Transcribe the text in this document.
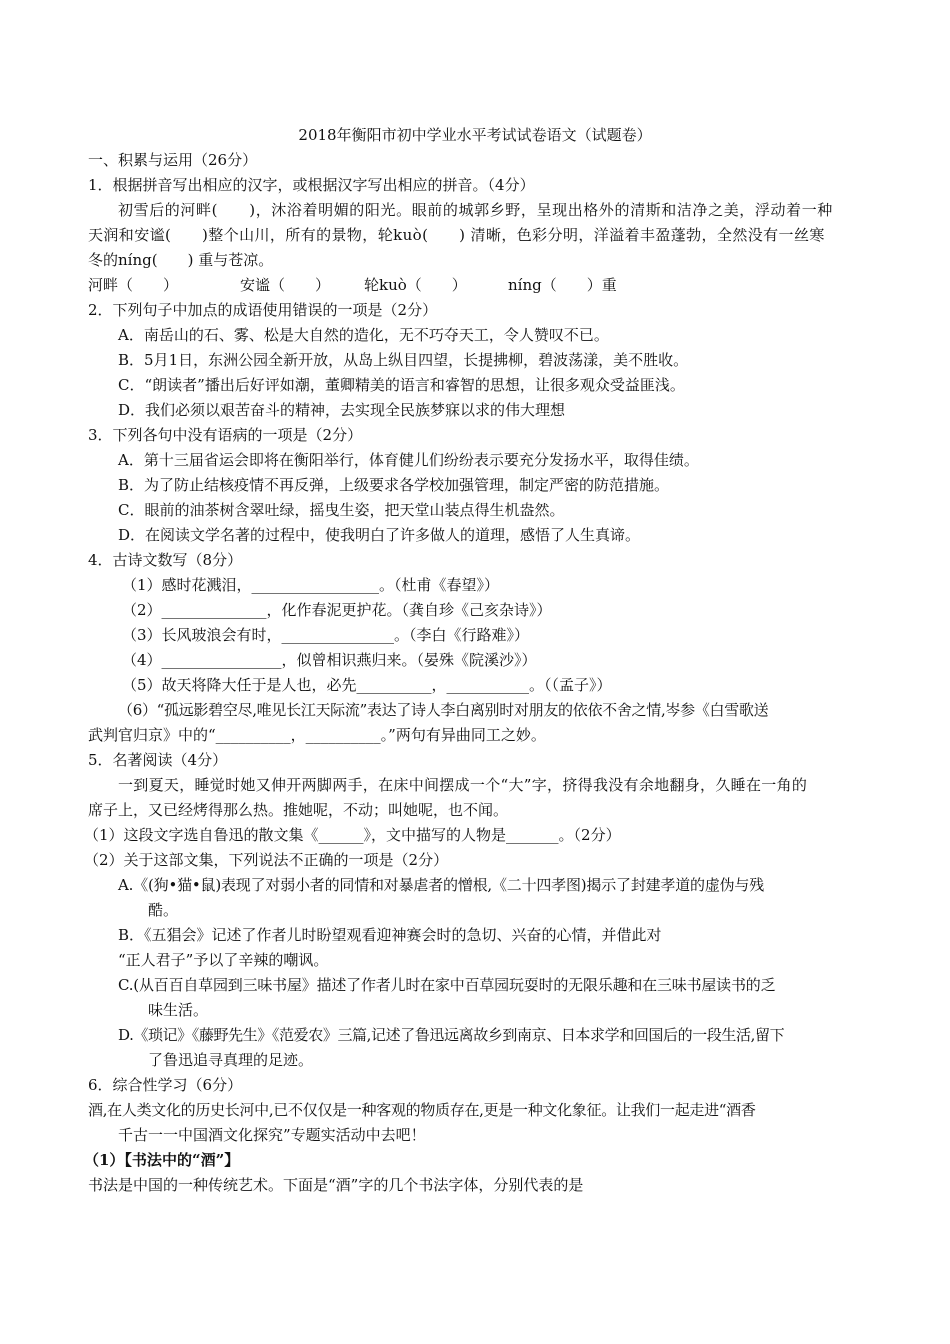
2018年衡阳市初中学业水平考试试卷语文（试题卷）
一、积累与运用（26分）
1．根据拼音写出相应的汉字，或根据汉字写出相应的拼音。（4分）
初雪后的河畔(　　)，沐浴着明媚的阳光。眼前的城郭乡野，呈现出格外的清斯和洁净之美，浮动着一种
天润和安谧(　　)整个山川，所有的景物，轮kuò(　　) 清晰，色彩分明，洋溢着丰盈蓬勃，全然没有一丝寒
冬的níng(　　) 重与苍凉。
河畔（　　）	安谧（　　） 轮kuò（　　）	níng（　　）重
2．下列句子中加点的成语使用错误的一项是（2分）
A．南岳山的石、雾、松是大自然的造化，无不巧夺天工，令人赞叹不已。
B．5月1日，东洲公园全新开放，从岛上纵目四望，长提拂柳，碧波荡漾，美不胜收。
C．“朗读者”播出后好评如潮，董卿精美的语言和睿智的思想，让很多观众受益匪浅。
D．我们必须以艰苦奋斗的精神，去实现全民族梦寐以求的伟大理想
3．下列各句中没有语病的一项是（2分）
A．第十三届省运会即将在衡阳举行，体育健儿们纷纷表示要充分发扬水平，取得佳绩。
B．为了防止结核疫情不再反弹，上级要求各学校加强管理，制定严密的防范措施。
C．眼前的油茶树含翠吐绿，摇曳生姿，把天堂山装点得生机盎然。
D．在阅读文学名著的过程中，使我明白了许多做人的道理，感悟了人生真谛。
4．古诗文数写（8分）
（1）感时花溅泪，_________________。（杜甫《春望》）
（2）______________，化作春泥更护花。（龚自珍《己亥杂诗》）
（3）长风玻浪会有时，_______________。（李白《行路难》）
（4）________________，似曾相识燕归来。（晏殊《院溪沙》）
（5）故天将降大任于是人也，必先__________，___________。（（孟子》）
（6）“孤远影碧空尽,唯见长江天际流”表达了诗人李白离别时对朋友的依依不舍之情,岑参《白雪歌送
武判官归京》中的“__________，__________。”两句有异曲同工之妙。
5．名著阅读（4分）
一到夏天，睡觉时她又伸开两脚两手，在床中间摆成一个“大”字，挤得我没有余地翻身，久睡在一角的
席子上，又已经烤得那么热。推她呢，不动；叫她呢，也不闻。
（1）这段文字选自鲁迅的散文集《______》，文中描写的人物是_______。（2分）
（2）关于这部文集，下列说法不正确的一项是（2分）
A.《(狗•猫•鼠)表现了对弱小者的同情和对暴虐者的憎根,《二十四孝图)揭示了封建孝道的虚伪与残
酷。
B．《五猖会》记述了作者儿时盼望观看迎神赛会时的急切、兴奋的心情，并借此对
“正人君子”予以了辛辣的嘲讽。
C.(从百百自草园到三味书屋》描述了作者儿时在家中百草园玩耍时的无限乐趣和在三味书屋读书的乏
味生活。
D.《琐记》《藤野先生》《范爱农》三篇,记述了鲁迅远离故乡到南京、日本求学和回国后的一段生活,留下
了鲁迅追寻真理的足迹。
6．综合性学习（6分）
酒,在人类文化的历史长河中,已不仅仅是一种客观的物质存在,更是一种文化象征。让我们一起走进“酒香
千古一一中国酒文化探究”专题实活动中去吧！
（1）【书法中的“酒”】
书法是中国的一种传统艺术。下面是“酒”字的几个书法字体，分别代表的是
